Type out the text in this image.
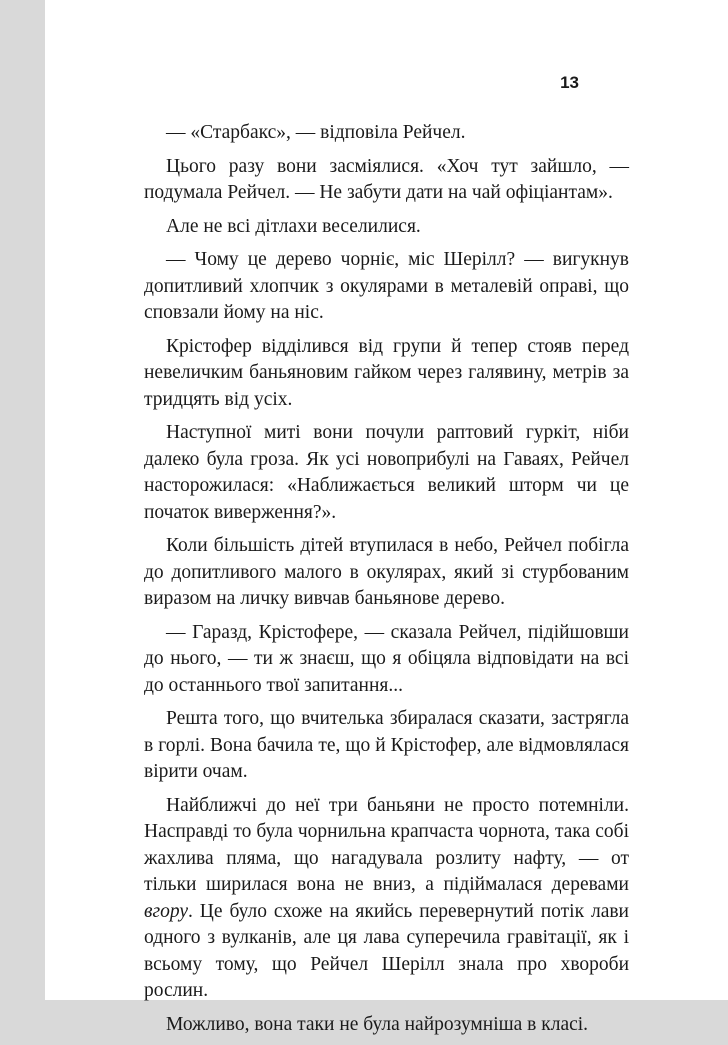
13

— «Старбакс», — відповіла Рейчел.

Цього разу вони засміялися. «Хоч тут зайшло, — подумала Рейчел. — Не забути дати на чай офіціантам».

Але не всі дітлахи веселилися.

— Чому це дерево чорніє, міс Шерілл? — вигукнув допитливий хлопчик з окулярами в металевій оправі, що сповзали йому на ніс.

Крістофер відділився від групи й тепер стояв перед невеличким баньяновим гайком через галявину, метрів за тридцять від усіх.

Наступної миті вони почули раптовий гуркіт, ніби далеко була гроза. Як усі новоприбулі на Гаваях, Рейчел насторожилася: «Наближається великий шторм чи це початок виверження?».

Коли більшість дітей втупилася в небо, Рейчел побігла до допитливого малого в окулярах, який зі стурбованим виразом на личку вивчав баньянове дерево.

— Гаразд, Крістофере, — сказала Рейчел, підійшовши до нього, — ти ж знаєш, що я обіцяла відповідати на всі до останнього твої запитання...

Решта того, що вчителька збиралася сказати, застрягла в горлі. Вона бачила те, що й Крістофер, але відмовлялася вірити очам.

Найближчі до неї три баньяни не просто потемніли. Насправді то була чорнильна крапчаста чорнота, така собі жахлива пляма, що нагадувала розлиту нафту, — от тільки ширилася вона не вниз, а підіймалася деревами вгору. Це було схоже на якийсь перевернутий потік лави одного з вулканів, але ця лава суперечила гравітації, як і всьому тому, що Рейчел Шерілл знала про хвороби рослин.

Можливо, вона таки не була найрозумніша в класі.
